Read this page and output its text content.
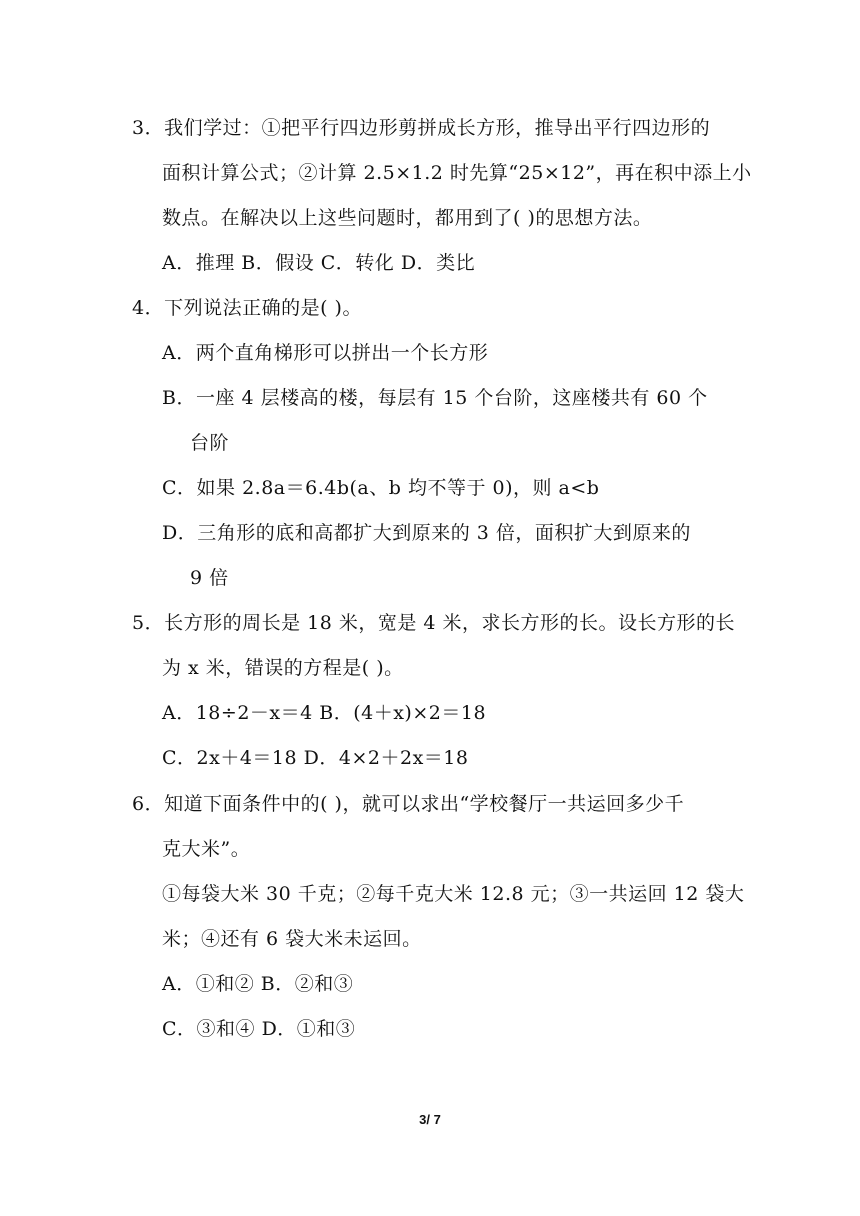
3．我们学过：①把平行四边形剪拼成长方形，推导出平行四边形的
面积计算公式；②计算 2.5×1.2 时先算“25×12”，再在积中添上小
数点。在解决以上这些问题时，都用到了( )的思想方法。
A．推理 B．假设 C．转化 D．类比
4．下列说法正确的是( )。
A．两个直角梯形可以拼出一个长方形
B．一座 4 层楼高的楼，每层有 15 个台阶，这座楼共有 60 个
台阶
C．如果 2.8a＝6.4b(a、b 均不等于 0)，则 a<b
D．三角形的底和高都扩大到原来的 3 倍，面积扩大到原来的
9 倍
5．长方形的周长是 18 米，宽是 4 米，求长方形的长。设长方形的长
为 x 米，错误的方程是( )。
A．18÷2－x＝4 B．(4＋x)×2＝18
C．2x＋4＝18 D．4×2＋2x＝18
6．知道下面条件中的( )，就可以求出“学校餐厅一共运回多少千
克大米”。
①每袋大米 30 千克；②每千克大米 12.8 元；③一共运回 12 袋大
米；④还有 6 袋大米未运回。
A．①和② B．②和③
C．③和④ D．①和③
3/ 7
